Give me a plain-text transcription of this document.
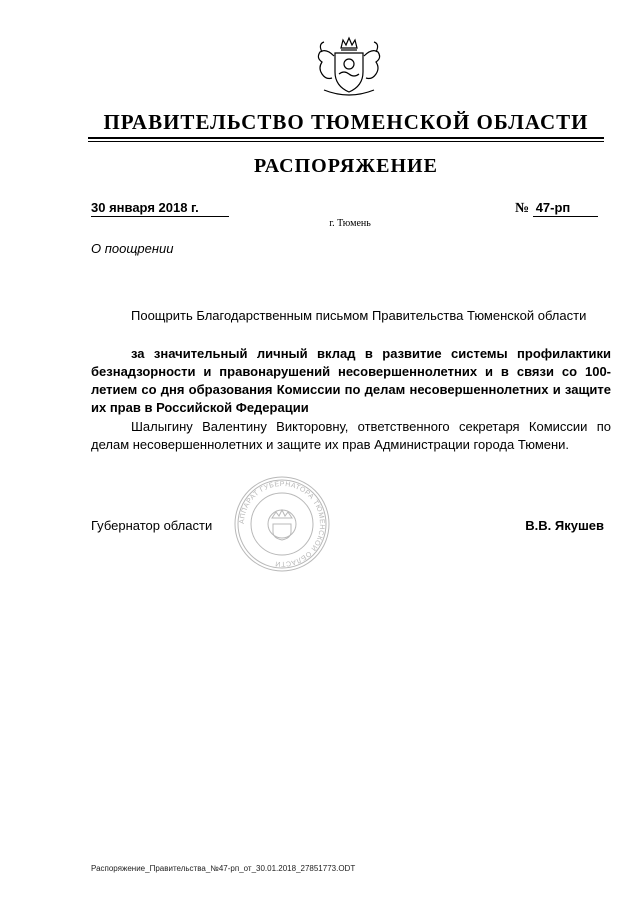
ПРАВИТЕЛЬСТВО ТЮМЕНСКОЙ ОБЛАСТИ
РАСПОРЯЖЕНИЕ
30 января 2018 г.	№ 47-рп
г. Тюмень
О поощрении

Поощрить Благодарственным письмом Правительства Тюменской области

за значительный личный вклад в развитие системы профилактики безнадзорности и правонарушений несовершеннолетних и в связи со 100-летием со дня образования Комиссии по делам несовершеннолетних и защите их прав в Российской Федерации

Шалыгину Валентину Викторовну, ответственного секретаря Комиссии по делам несовершеннолетних и защите их прав Администрации города Тюмени.

АППАРАТ ГУБЕРНАТОРА ТЮМЕНСКОЙ ОБЛАСТИ
Губернатор области	В.В. Якушев
Распоряжение_Правительства_№47-рп_от_30.01.2018_27851773.ODT
